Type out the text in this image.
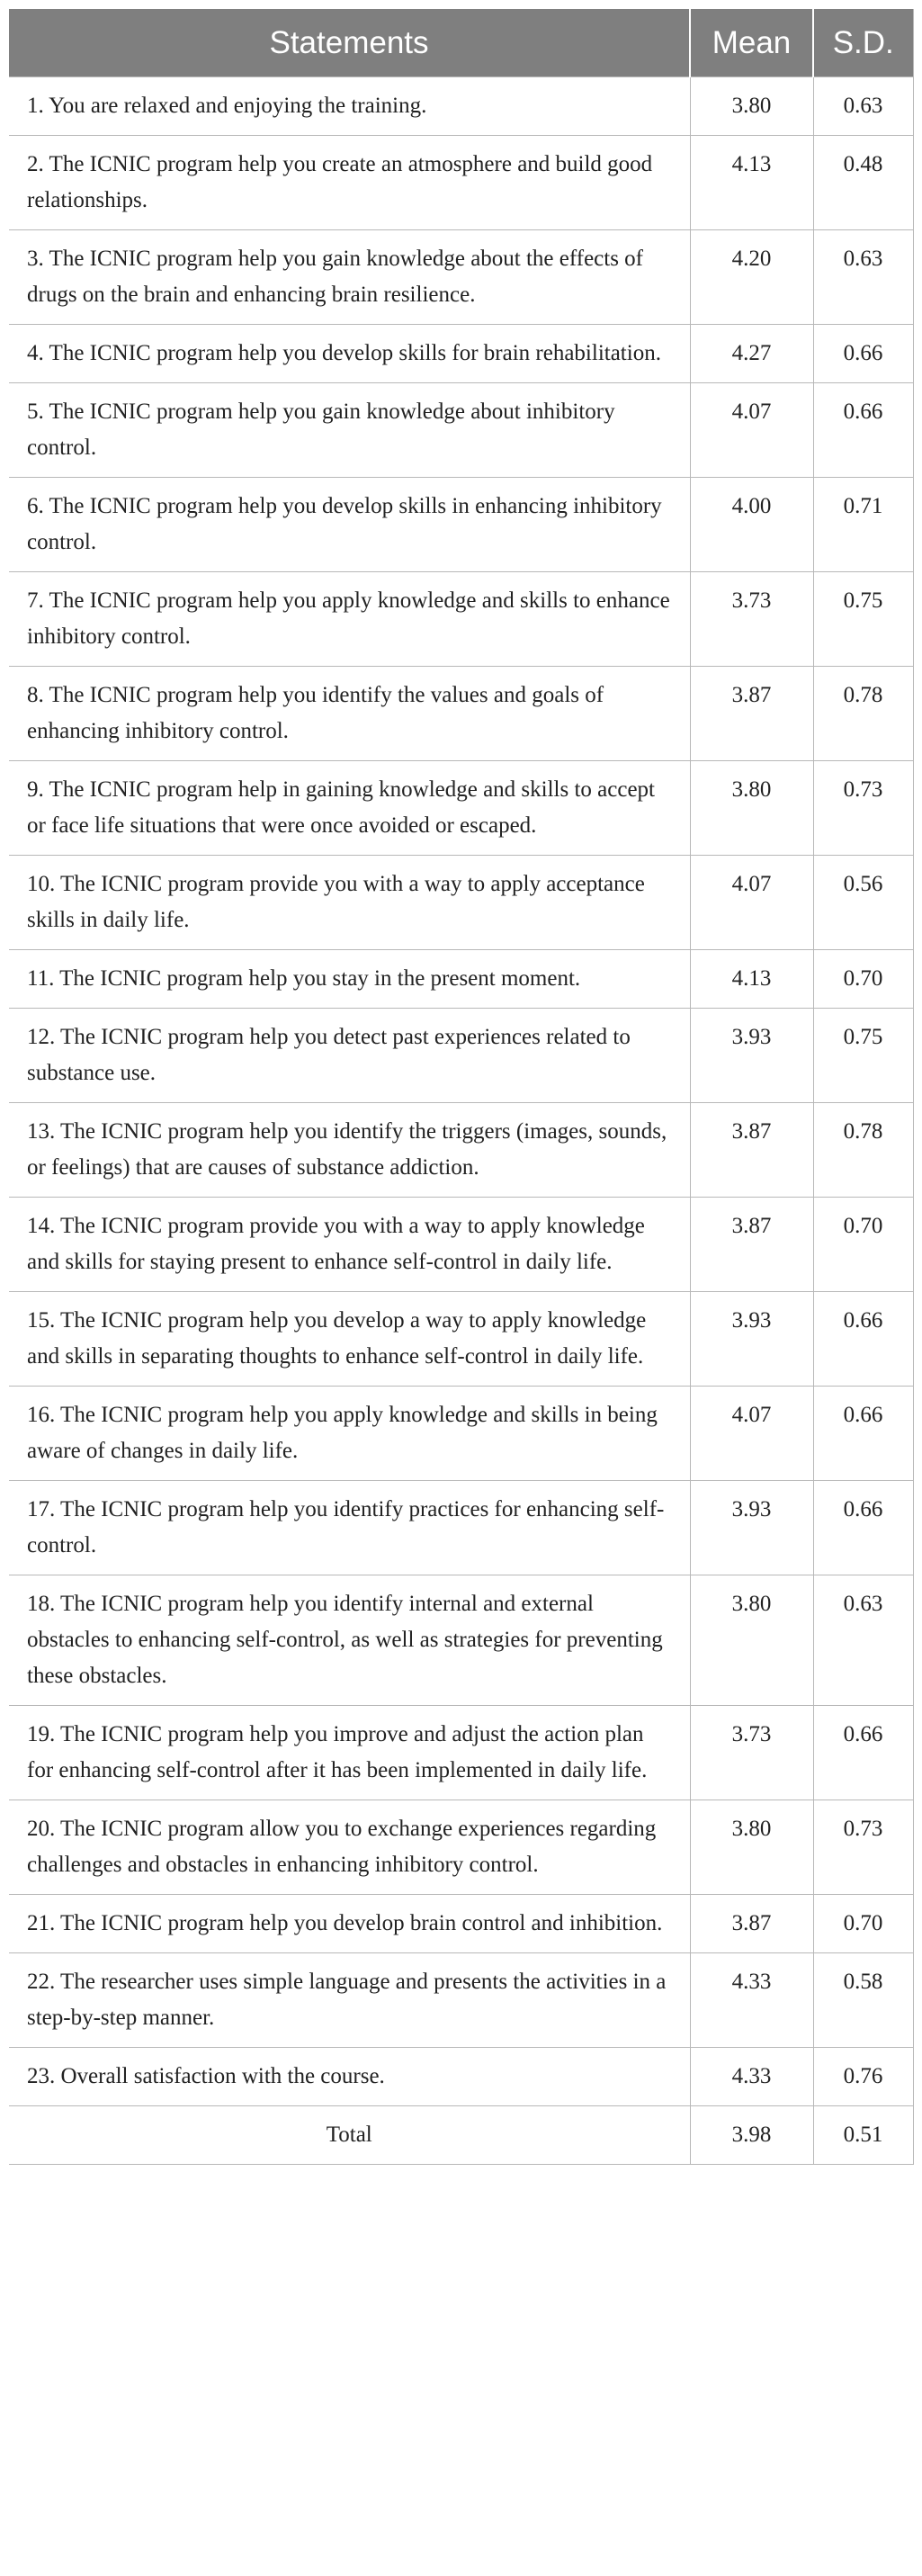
Statements	Mean	S.D.
1. You are relaxed and enjoying the training.	3.80	0.63
2. The ICNIC program help you create an atmosphere and build good relationships.	4.13	0.48
3. The ICNIC program help you gain knowledge about the effects of drugs on the brain and enhancing brain resilience.	4.20	0.63
4. The ICNIC program help you develop skills for brain rehabilitation.	4.27	0.66
5. The ICNIC program help you gain knowledge about inhibitory control.	4.07	0.66
6. The ICNIC program help you develop skills in enhancing inhibitory control.	4.00	0.71
7. The ICNIC program help you apply knowledge and skills to enhance inhibitory control.	3.73	0.75
8. The ICNIC program help you identify the values and goals of enhancing inhibitory control.	3.87	0.78
9. The ICNIC program help in gaining knowledge and skills to accept or face life situations that were once avoided or escaped.	3.80	0.73
10. The ICNIC program provide you with a way to apply acceptance skills in daily life.	4.07	0.56
11. The ICNIC program help you stay in the present moment.	4.13	0.70
12. The ICNIC program help you detect past experiences related to substance use.	3.93	0.75
13. The ICNIC program help you identify the triggers (images, sounds, or feelings) that are causes of substance addiction.	3.87	0.78
14. The ICNIC program provide you with a way to apply knowledge and skills for staying present to enhance self-control in daily life.	3.87	0.70
15. The ICNIC program help you develop a way to apply knowledge and skills in separating thoughts to enhance self-control in daily life.	3.93	0.66
16. The ICNIC program help you apply knowledge and skills in being aware of changes in daily life.	4.07	0.66
17. The ICNIC program help you identify practices for enhancing self-control.	3.93	0.66
18. The ICNIC program help you identify internal and external obstacles to enhancing self-control, as well as strategies for preventing these obstacles.	3.80	0.63
19. The ICNIC program help you improve and adjust the action plan for enhancing self-control after it has been implemented in daily life.	3.73	0.66
20. The ICNIC program allow you to exchange experiences regarding challenges and obstacles in enhancing inhibitory control.	3.80	0.73
21. The ICNIC program help you develop brain control and inhibition.	3.87	0.70
22. The researcher uses simple language and presents the activities in a step-by-step manner.	4.33	0.58
23. Overall satisfaction with the course.	4.33	0.76
Total	3.98	0.51
